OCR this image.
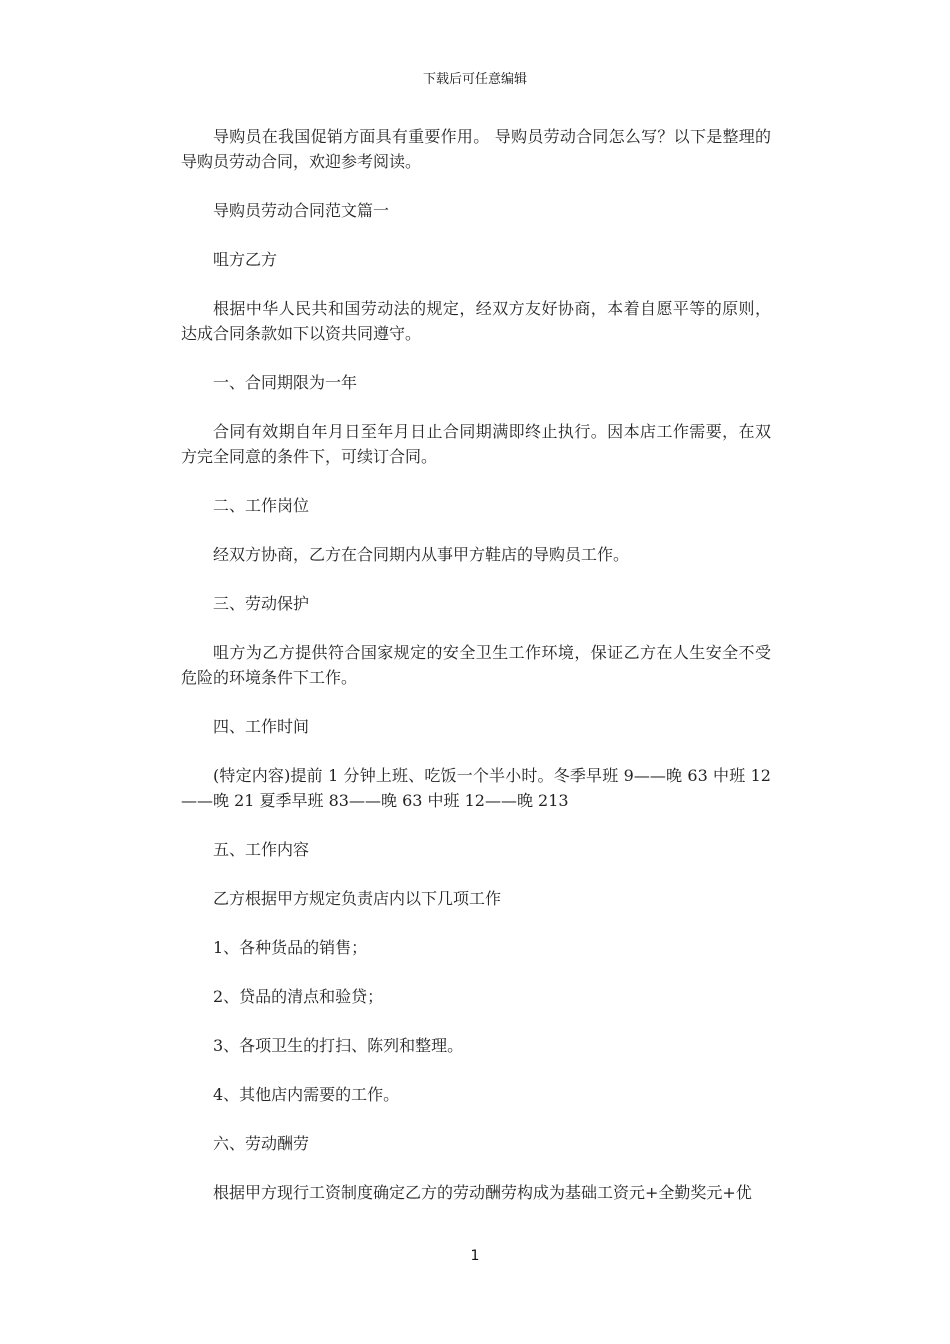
下载后可任意编辑

导购员在我国促销方面具有重要作用。 导购员劳动合同怎么写？以下是整理的导购员劳动合同，欢迎参考阅读。

导购员劳动合同范文篇一

咀方乙方

根据中华人民共和国劳动法的规定，经双方友好协商，本着自愿平等的原则，达成合同条款如下以资共同遵守。

一、合同期限为一年

合同有效期自年月日至年月日止合同期满即终止执行。因本店工作需要，在双方完全同意的条件下，可续订合同。

二、工作岗位

经双方协商，乙方在合同期内从事甲方鞋店的导购员工作。

三、劳动保护

咀方为乙方提供符合国家规定的安全卫生工作环境，保证乙方在人生安全不受危险的环境条件下工作。

四、工作时间

(特定内容)提前 1 分钟上班、吃饭一个半小时。冬季早班 9——晚 63 中班 12——晚 21 夏季早班 83——晚 63 中班 12——晚 213

五、工作内容

乙方根据甲方规定负责店内以下几项工作

1、各种货品的销售；

2、贷品的清点和验贷；

3、各项卫生的打扫、陈列和整理。

4、其他店内需要的工作。

六、劳动酬劳

根据甲方现行工资制度确定乙方的劳动酬劳构成为基础工资元+全勤奖元+优

1
